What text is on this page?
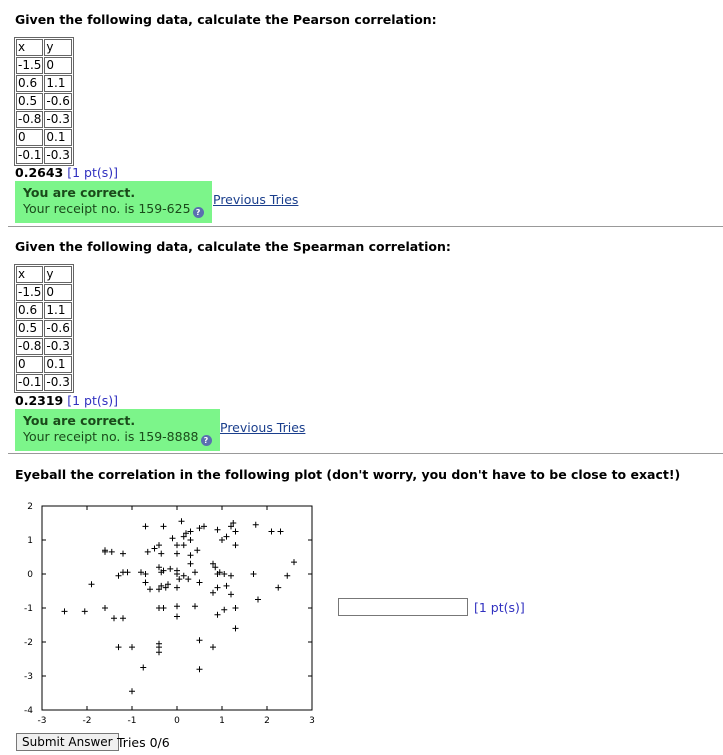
Given the following data, calculate the Pearson correlation:
x	y
-1.5	0
0.6	1.1
0.5	-0.6
-0.8	-0.3
0	0.1
-0.1	-0.3
0.2643 [1 pt(s)]
You are correct.
Your receipt no. is 159-625 ?
Previous Tries
Given the following data, calculate the Spearman correlation:
x	y
-1.5	0
0.6	1.1
0.5	-0.6
-0.8	-0.3
0	0.1
-0.1	-0.3
0.2319 [1 pt(s)]
You are correct.
Your receipt no. is 159-8888 ?
Previous Tries
Eyeball the correlation in the following plot (don't worry, you don't have to be close to exact!)
-3	-2	-1	0	1	2	3
2
1
0
-1
-2
-3
-4
[1 pt(s)]
Submit Answer Tries 0/6
